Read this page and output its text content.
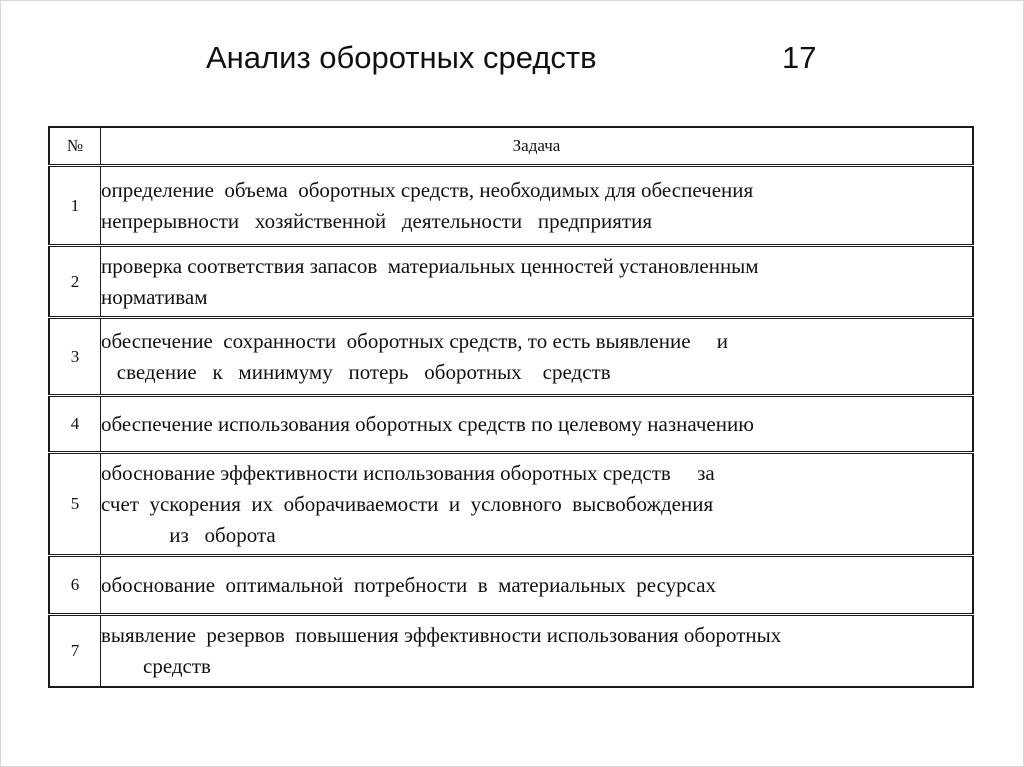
Анализ оборотных средств	17
№	Задача
1	определение  объема  оборотных средств, необходимых для обеспечения
непрерывности   хозяйственной   деятельности   предприятия
2	проверка соответствия запасов  материальных ценностей установленным
нормативам
3	обеспечение  сохранности  оборотных средств, то есть выявление     и
сведение   к   минимуму   потерь   оборотных    средств
4	обеспечение использования оборотных средств по целевому назначению
5	обоснование эффективности использования оборотных средств     за
счет  ускорения  их  оборачиваемости  и  условного  высвобождения
из   оборота
6	обоснование  оптимальной  потребности  в  материальных  ресурсах
7	выявление  резервов  повышения эффективности использования оборотных
средств
